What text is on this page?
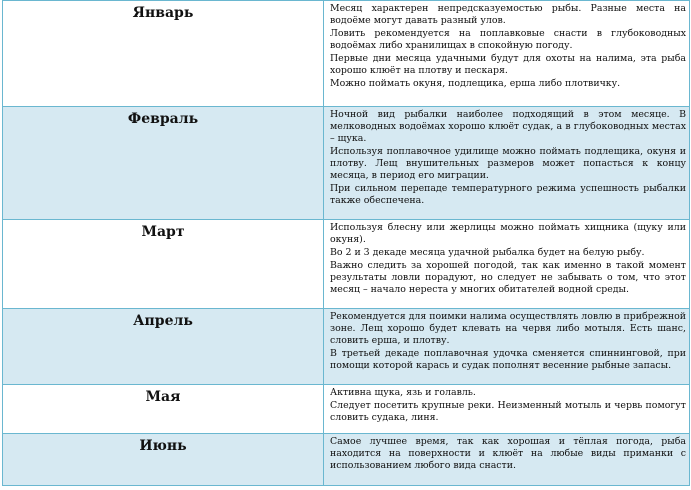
Январь	Месяц характерен непредсказуемостью рыбы. Разные места на водоёме могут давать разный улов.

Ловить рекомендуется на поплавковые снасти в глубоководных водоёмах либо хранилищах в спокойную погоду.

Первые дни месяца удачными будут для охоты на налима, эта рыба хорошо клюёт на плотву и пескаря.

Можно поймать окуня, подлещика, ерша либо плотвичку.

Февраль	Ночной вид рыбалки наиболее подходящий в этом месяце. В мелководных водоёмах хорошо клюёт судак, а в глубоководных местах – щука.

Используя поплавочное удилище можно поймать подлещика, окуня и плотву. Лещ внушительных размеров может попасться к концу месяца, в период его миграции.

При сильном перепаде температурного режима успешность рыбалки также обеспечена.

Март	Используя блесну или жерлицы можно поймать хищника (щуку или окуня).

Во 2 и 3 декаде месяца удачной рыбалка будет на белую рыбу.

Важно следить за хорошей погодой, так как именно в такой момент результаты ловли порадуют, но следует не забывать о том, что этот месяц – начало нереста у многих обитателей водной среды.

Апрель	Рекомендуется для поимки налима осуществлять ловлю в прибрежной зоне. Лещ хорошо будет клевать на червя либо мотыля. Есть шанс, словить ерша, и плотву.

В третьей декаде поплавочная удочка сменяется спиннинговой, при помощи которой карась и судак пополнят весенние рыбные запасы.

Мая	Активна щука, язь и голавль.

Следует посетить крупные реки. Неизменный мотыль и червь помогут словить судака, линя.

Июнь	Самое лучшее время, так как хорошая и тёплая погода, рыба находится на поверхности и клюёт на любые виды приманки с использованием любого вида снасти.
